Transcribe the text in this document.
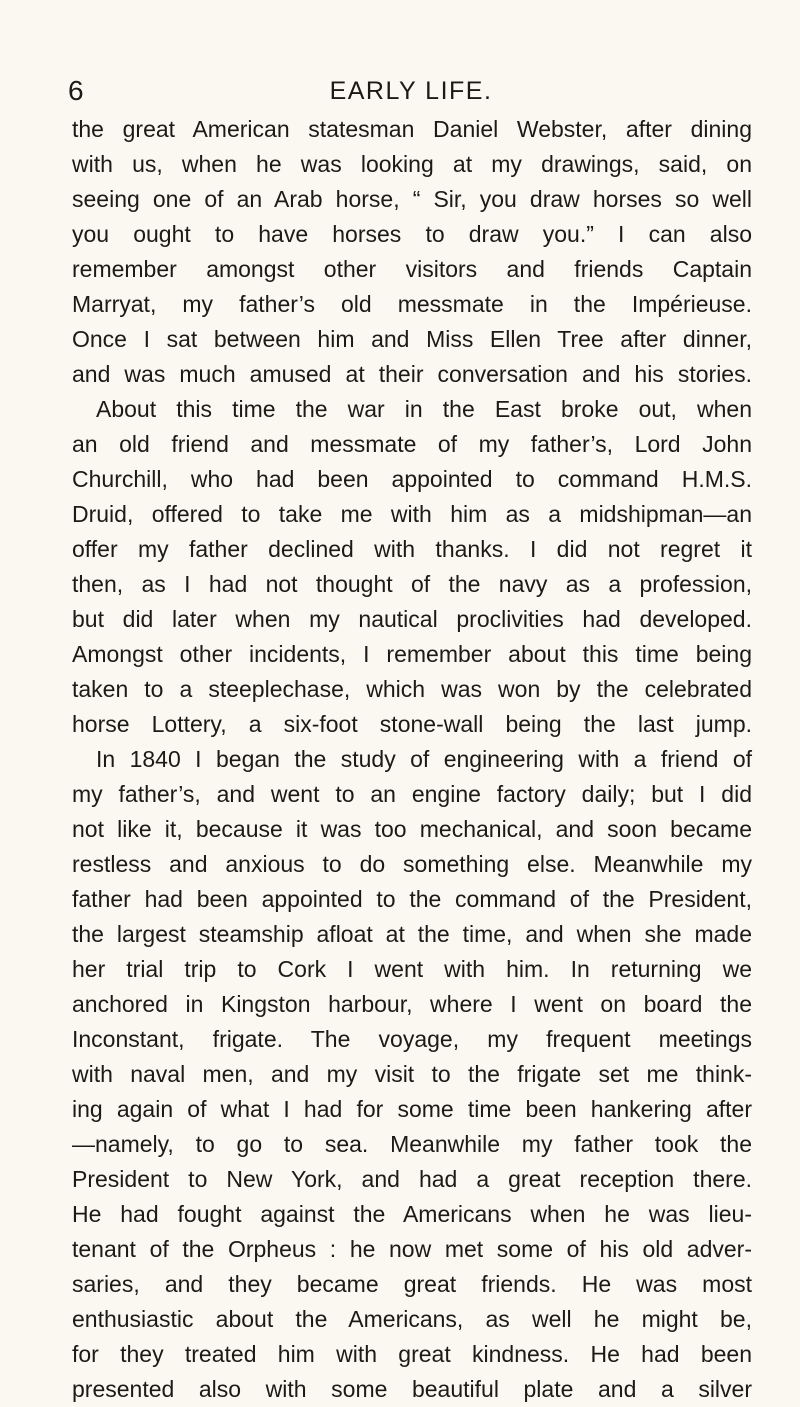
6	EARLY LIFE.
the great American statesman Daniel Webster, after dining
with us, when he was looking at my drawings, said, on
seeing one of an Arab horse, “ Sir, you draw horses so well
you ought to have horses to draw you.” I can also
remember amongst other visitors and friends Captain
Marryat, my father’s old messmate in the Impérieuse.
Once I sat between him and Miss Ellen Tree after dinner,
and was much amused at their conversation and his stories.
About this time the war in the East broke out, when
an old friend and messmate of my father’s, Lord John
Churchill, who had been appointed to command H.M.S.
Druid, offered to take me with him as a midshipman—an
offer my father declined with thanks. I did not regret it
then, as I had not thought of the navy as a profession,
but did later when my nautical proclivities had developed.
Amongst other incidents, I remember about this time being
taken to a steeplechase, which was won by the celebrated
horse Lottery, a six-foot stone-wall being the last jump.
In 1840 I began the study of engineering with a friend of
my father’s, and went to an engine factory daily; but I did
not like it, because it was too mechanical, and soon became
restless and anxious to do something else. Meanwhile my
father had been appointed to the command of the President,
the largest steamship afloat at the time, and when she made
her trial trip to Cork I went with him. In returning we
anchored in Kingston harbour, where I went on board the
Inconstant, frigate. The voyage, my frequent meetings
with naval men, and my visit to the frigate set me think-
ing again of what I had for some time been hankering after
—namely, to go to sea. Meanwhile my father took the
President to New York, and had a great reception there.
He had fought against the Americans when he was lieu-
tenant of the Orpheus : he now met some of his old adver-
saries, and they became great friends. He was most
enthusiastic about the Americans, as well he might be,
for they treated him with great kindness. He had been
presented also with some beautiful plate and a silver
